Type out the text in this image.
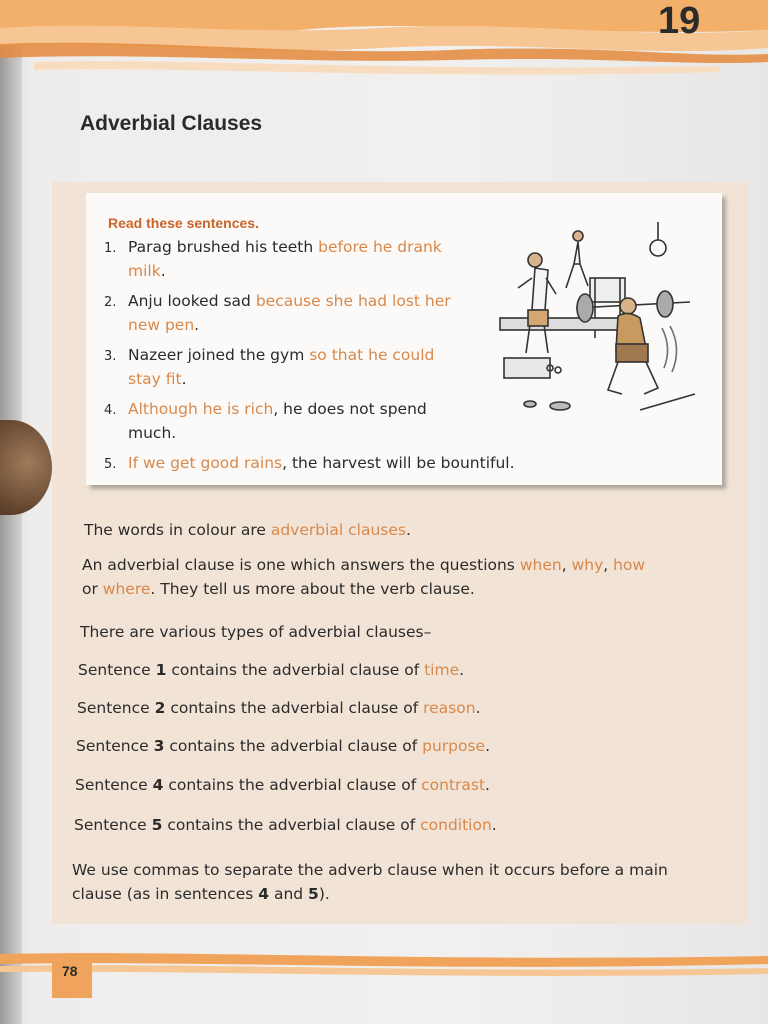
19
Adverbial Clauses
Read these sentences.
1. Parag brushed his teeth before he drank
milk.
2. Anju looked sad because she had lost her
new pen.
3. Nazeer joined the gym so that he could
stay fit.
4. Although he is rich, he does not spend
much.
5. If we get good rains, the harvest will be bountiful.
The words in colour are adverbial clauses.
An adverbial clause is one which answers the questions when, why, how
or where. They tell us more about the verb clause.
There are various types of adverbial clauses–
Sentence 1 contains the adverbial clause of time.
Sentence 2 contains the adverbial clause of reason.
Sentence 3 contains the adverbial clause of purpose.
Sentence 4 contains the adverbial clause of contrast.
Sentence 5 contains the adverbial clause of condition.
We use commas to separate the adverb clause when it occurs before a main
clause (as in sentences 4 and 5).
78
